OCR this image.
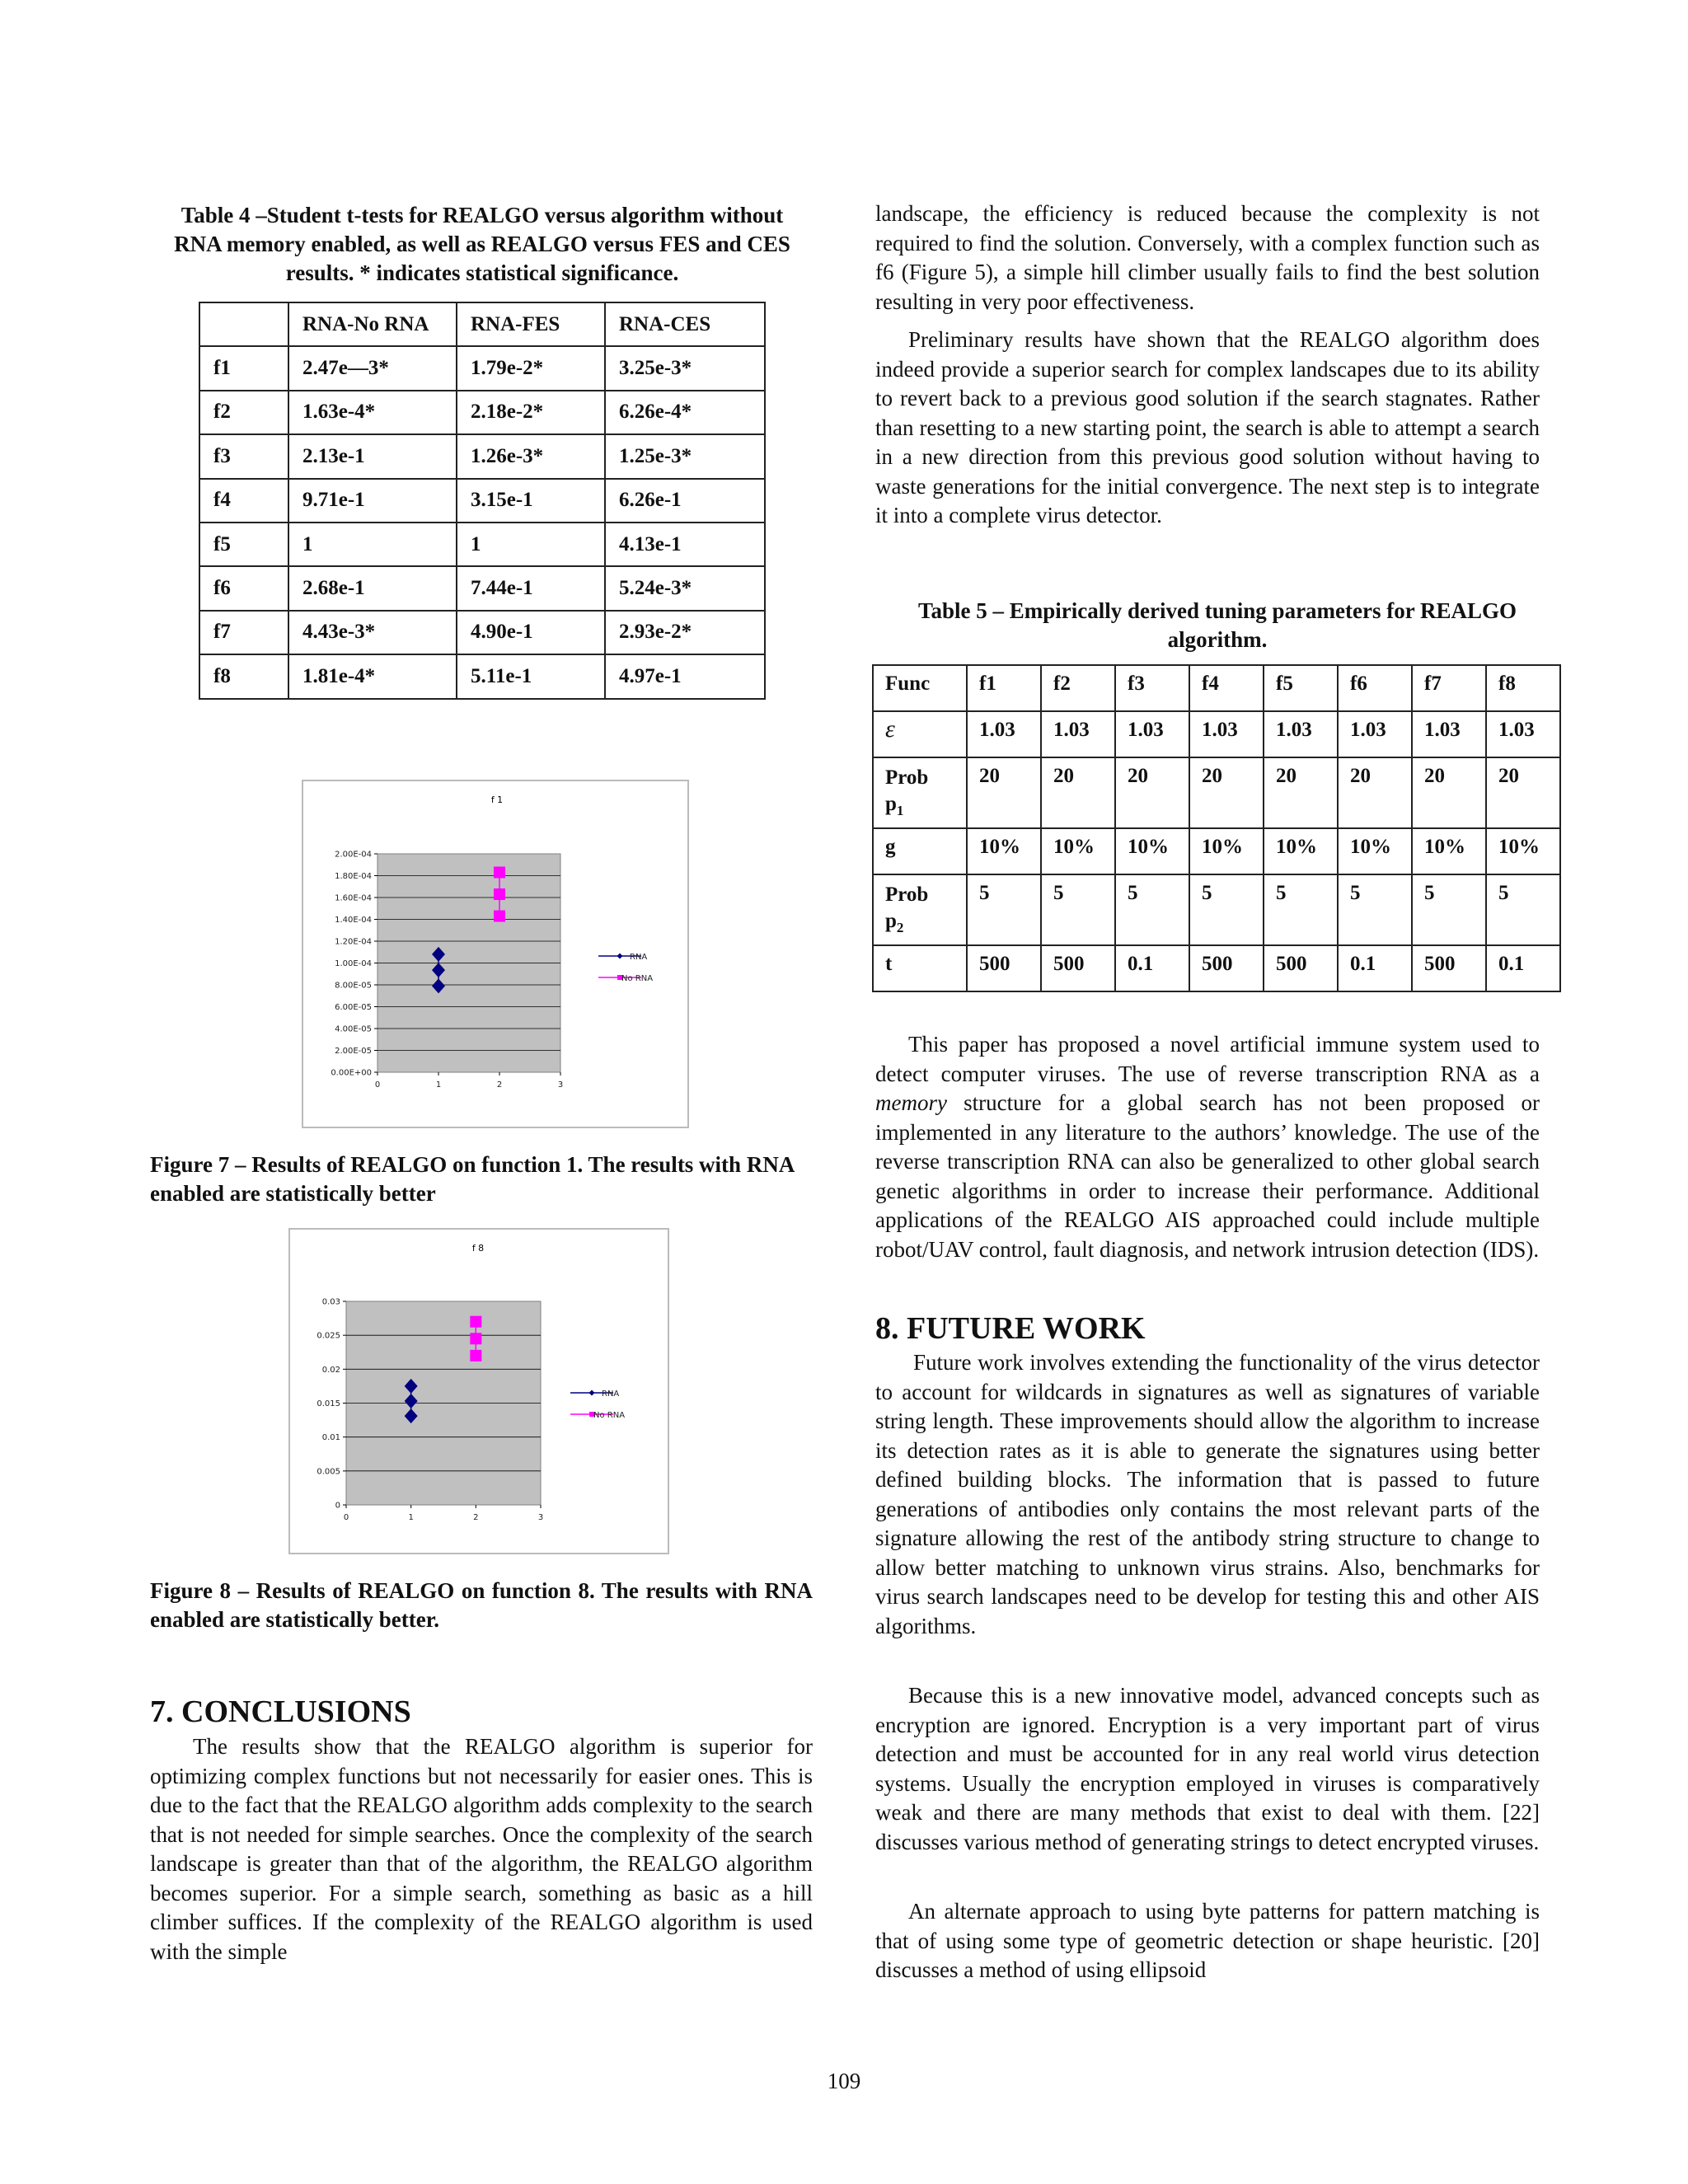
Table 4 –Student t-tests for REALGO versus algorithm without RNA memory enabled, as well as REALGO versus FES and CES results. * indicates statistical significance.
	RNA-No RNA	RNA-FES	RNA-CES
f1	2.47e—3*	1.79e-2*	3.25e-3*
f2	1.63e-4*	2.18e-2*	6.26e-4*
f3	2.13e-1	1.26e-3*	1.25e-3*
f4	9.71e-1	3.15e-1	6.26e-1
f5	1	1	4.13e-1
f6	2.68e-1	7.44e-1	5.24e-3*
f7	4.43e-3*	4.90e-1	2.93e-2*
f8	1.81e-4*	5.11e-1	4.97e-1
f 1
2.00E-04
1.80E-04
1.60E-04
1.40E-04
1.20E-04
1.00E-04
8.00E-05
6.00E-05
4.00E-05
2.00E-05
0.00E+00
0	1	2	3
RNA
No RNA
Figure 7 – Results of REALGO on function 1. The results with RNA enabled are statistically better
f 8
0.03
0.025
0.02
0.015
0.01
0.005
0
0	1	2	3
RNA
No RNA
Figure 8 – Results of REALGO on function 8. The results with RNA enabled are statistically better.
7. CONCLUSIONS
The results show that the REALGO algorithm is superior for optimizing complex functions but not necessarily for easier ones. This is due to the fact that the REALGO algorithm adds complexity to the search that is not needed for simple searches. Once the complexity of the search landscape is greater than that of the algorithm, the REALGO algorithm becomes superior. For a simple search, something as basic as a hill climber suffices. If the complexity of the REALGO algorithm is used with the simple
landscape, the efficiency is reduced because the complexity is not required to find the solution. Conversely, with a complex function such as f6 (Figure 5), a simple hill climber usually fails to find the best solution resulting in very poor effectiveness.
Preliminary results have shown that the REALGO algorithm does indeed provide a superior search for complex landscapes due to its ability to revert back to a previous good solution if the search stagnates. Rather than resetting to a new starting point, the search is able to attempt a search in a new direction from this previous good solution without having to waste generations for the initial convergence. The next step is to integrate it into a complete virus detector.
Table 5 – Empirically derived tuning parameters for REALGO algorithm.
Func	f1	f2	f3	f4	f5	f6	f7	f8
ε	1.03	1.03	1.03	1.03	1.03	1.03	1.03	1.03
Prob
$p_1$	20	20	20	20	20	20	20	20
g	10%	10%	10%	10%	10%	10%	10%	10%
Prob
$p_2$	5	5	5	5	5	5	5	5
t	500	500	0.1	500	500	0.1	500	0.1
This paper has proposed a novel artificial immune system used to detect computer viruses. The use of reverse transcription RNA as a memory structure for a global search has not been proposed or implemented in any literature to the authors’ knowledge. The use of the reverse transcription RNA can also be generalized to other global search genetic algorithms in order to increase their performance. Additional applications of the REALGO AIS approached could include multiple robot/UAV control, fault diagnosis, and network intrusion detection (IDS).
8. FUTURE WORK
Future work involves extending the functionality of the virus detector to account for wildcards in signatures as well as signatures of variable string length. These improvements should allow the algorithm to increase its detection rates as it is able to generate the signatures using better defined building blocks. The information that is passed to future generations of antibodies only contains the most relevant parts of the signature allowing the rest of the antibody string structure to change to allow better matching to unknown virus strains. Also, benchmarks for virus search landscapes need to be develop for testing this and other AIS algorithms.
Because this is a new innovative model, advanced concepts such as encryption are ignored. Encryption is a very important part of virus detection and must be accounted for in any real world virus detection systems. Usually the encryption employed in viruses is comparatively weak and there are many methods that exist to deal with them. [22] discusses various method of generating strings to detect encrypted viruses.
An alternate approach to using byte patterns for pattern matching is that of using some type of geometric detection or shape heuristic. [20] discusses a method of using ellipsoid
109
